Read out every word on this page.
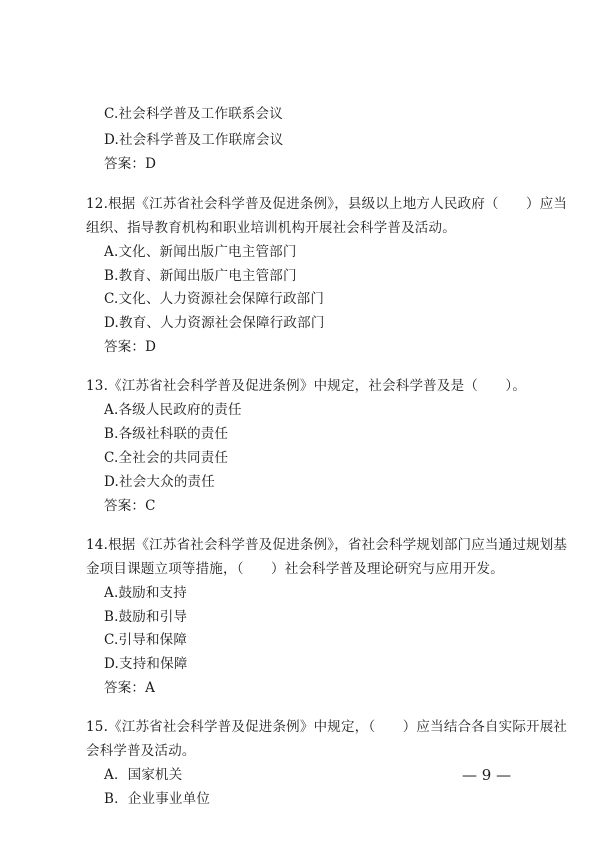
C.社会科学普及工作联系会议
D.社会科学普及工作联席会议
答案：D
12.根据《江苏省社会科学普及促进条例》，县级以上地方人民政府（　　）应当
组织、指导教育机构和职业培训机构开展社会科学普及活动。
A.文化、新闻出版广电主管部门
B.教育、新闻出版广电主管部门
C.文化、人力资源社会保障行政部门
D.教育、人力资源社会保障行政部门
答案：D
13.《江苏省社会科学普及促进条例》中规定，社会科学普及是（　　）。
A.各级人民政府的责任
B.各级社科联的责任
C.全社会的共同责任
D.社会大众的责任
答案：C
14.根据《江苏省社会科学普及促进条例》，省社会科学规划部门应当通过规划基
金项目课题立项等措施，（　　）社会科学普及理论研究与应用开发。
A.鼓励和支持
B.鼓励和引导
C.引导和保障
D.支持和保障
答案：A
15.《江苏省社会科学普及促进条例》中规定，（　　）应当结合各自实际开展社
会科学普及活动。
A．国家机关
B．企业事业单位
— 9 —
